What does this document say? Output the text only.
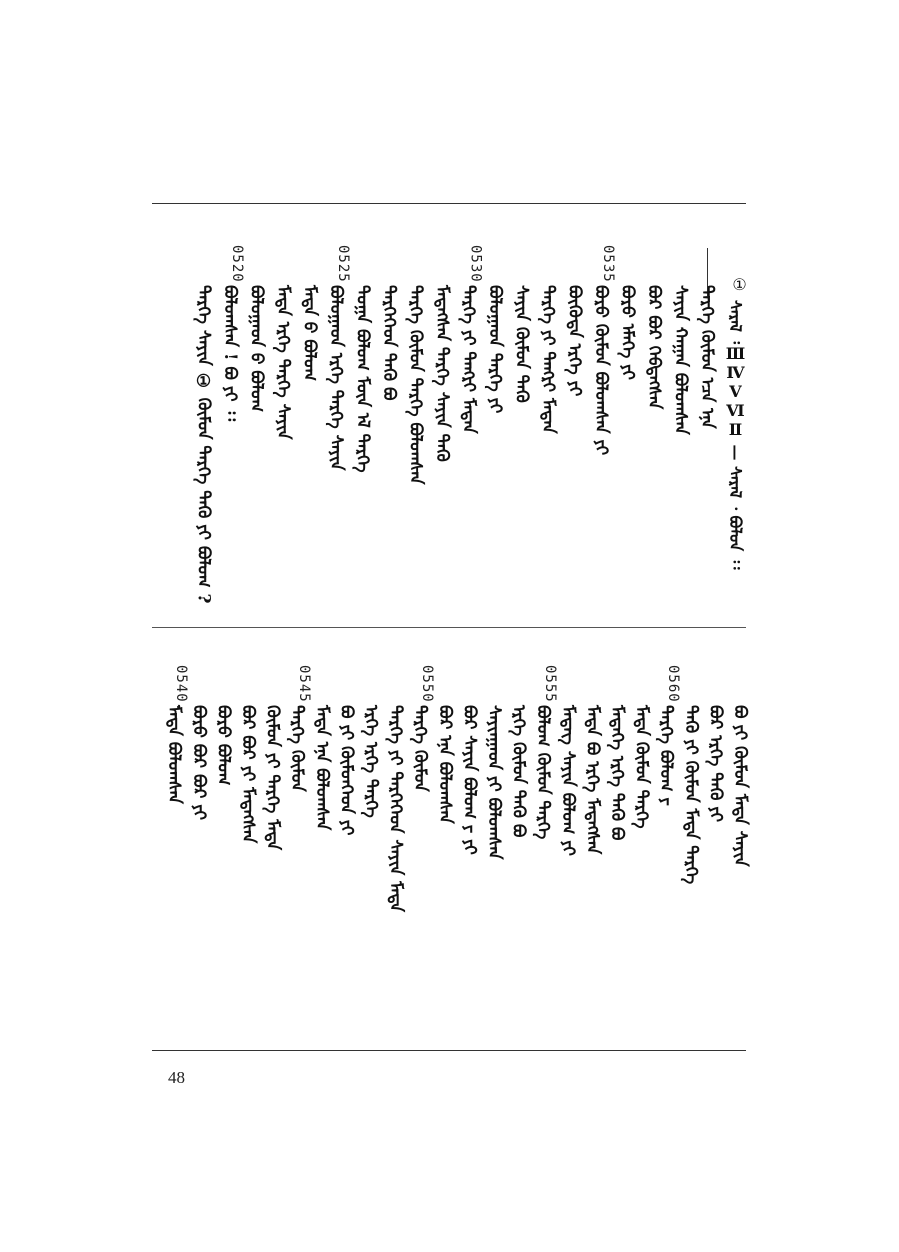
①
ᠰᠠᠷᠠᠯ ᠄ⅢⅣⅤⅥⅡ — ᠰᠠᠷᠠᠯ ᠂ ᠪᠣᠯᠤᠨ ᠄᠄
ᠲᠡᠷᠭᠡ ᠬᠦᠮᠦᠨ ᠡᠴᠡ ᠡᠨᠡ
ᠰᠠᠶᠢᠨ ᠬᠠᠭᠠᠨ ᠪᠣᠯᠤᠭᠰᠠᠨ
ᠪᠣᠷ ᠪᠣᠷ ᠬᠡᠪᠳᠡᠭᠰᠡᠨ
ᠪᠣᠷᠣ ᠡᠮᠡᠭᠡ ᠶᠢ
0535.
ᠪᠣᠷᠣ ᠬᠦᠮᠦᠨ ᠪᠣᠯᠤᠭᠰᠠᠨ ᠶᠢ
ᠪᠦᠭᠦᠳᠡ ᠡᠷᠬᠡ ᠶᠢ
ᠲᠡᠷᠭᠡ ᠶᠢ ᠲᠡᠩᠷᠢ ᠮᠡᠳᠡᠨ
ᠰᠠᠶᠢᠨ ᠬᠦᠮᠦᠨ ᠲᠡᠬᠦ
ᠪᠣᠯᠤᠭᠠᠳ ᠲᠡᠷᠭᠡ ᠶᠢ
0530.
ᠲᠡᠷᠭᠡ ᠶᠢ ᠲᠡᠩᠷᠢ ᠮᠡᠳᠡᠨ
ᠮᠡᠳᠡᠭᠰᠡᠨ ᠲᠡᠷᠭᠡ ᠰᠠᠶᠢᠨ ᠲᠡᠬᠦ
ᠲᠡᠷᠭᠡ ᠬᠦᠮᠦᠨ ᠲᠡᠷᠭᠡ ᠪᠣᠯᠤᠭᠰᠠᠨ
ᠲᠡᠷᠭᠡᠭᠡᠳ ᠲᠡᠬᠦ ᠪᠣ
ᠲᠣᠭᠠ ᠪᠣᠯᠤᠭ ᠮᠦᠨ ᠡᠯ ᠲᠡᠷᠭᠡ
0525.
ᠪᠣᠯᠤᠭᠠᠳ ᠡᠷᠬᠡ ᠲᠡᠷᠭᠡ ᠰᠠᠶᠢᠨ
ᠮᠡᠳᠡ ᠪ ᠪᠣᠯᠤᠭ
ᠮᠡᠳᠡ ᠡᠷᠬᠡ ᠲᠡᠷᠭᠡ ᠰᠠᠶᠢᠨ
ᠪᠣᠯᠤᠭᠠᠳ ᠪ ᠪᠣᠯᠤᠭ
0520.
ᠪᠣᠯᠤᠭᠰᠠᠨ ! ᠪᠣ ᠶᠢ ᠄᠄
ᠲᠡᠷᠭᠡ ᠰᠠᠶᠢᠨ ① ᠬᠦᠮᠦᠨ ᠲᠡᠷᠭᠡ ᠲᠡᠬᠦ ᠶᠢ ᠪᠣᠯᠤᠭ ?
ᠪᠣ ᠶᠢ ᠬᠦᠮᠦᠨ ᠮᠡᠳᠡ ᠰᠠᠶᠢᠨ
ᠪᠣᠷ ᠡᠷᠬᠡ ᠲᠡᠬᠦ ᠶᠢ
ᠲᠡᠬᠦ ᠶᠢ ᠬᠦᠮᠦᠨ ᠮᠡᠳᠡ ᠲᠡᠷᠭᠡ
0560.
ᠲᠡᠷᠭᠡ ᠪᠣᠯᠤᠭ ᠶ
ᠮᠡᠳᠡ ᠬᠦᠮᠦᠨ ᠲᠡᠷᠭᠡ
ᠮᠡᠳᠡᠭᠡ ᠡᠷᠬᠡ ᠲᠡᠬᠦ ᠪᠣ
ᠮᠡᠳᠡ ᠪᠣ ᠡᠷᠬᠡ ᠮᠡᠳᠡᠭᠰᠡᠨ
ᠮᠡᠳᠡᠭ ᠰᠠᠶᠢᠨ ᠪᠣᠯᠤᠭ ᠶᠢ
0555.
ᠪᠣᠯᠤᠭ ᠬᠦᠮᠦᠨ ᠲᠡᠷᠭᠡ
ᠡᠷᠬᠡ ᠬᠦᠮᠦᠨ ᠲᠡᠬᠦ ᠪᠣ
ᠰᠠᠶᠢᠨᠭᠠᠳ ᠶᠢ ᠪᠣᠯᠤᠭᠰᠠᠨ
ᠪᠣᠷ ᠰᠠᠶᠢᠨ ᠪᠣᠯᠤᠭ ᠶ ᠶᠢ
ᠪᠣᠷ ᠡᠨᠡ ᠪᠣᠯᠤᠭᠰᠠᠨ
0550.
ᠲᠡᠷᠭᠡ ᠬᠦᠮᠦᠨ
ᠲᠡᠷᠭᠡ ᠶᠢ ᠲᠡᠷᠭᠡᠭᠡᠳ ᠰᠠᠶᠢᠨ ᠮᠡᠳᠡ
ᠡᠷᠬᠡ ᠡᠷᠬᠡ ᠲᠡᠷᠭᠡ
ᠪᠣ ᠶᠢ ᠬᠦᠮᠦᠨᠭᠡᠳ ᠶᠢ
ᠮᠡᠳᠡ ᠡᠨᠡ ᠪᠣᠯᠤᠭᠰᠠᠨ
0545.
ᠲᠡᠷᠭᠡ ᠬᠦᠮᠦᠨ
ᠬᠦᠮᠦᠨ ᠶᠢ ᠲᠡᠷᠭᠡ ᠮᠡᠳᠡ
ᠪᠣᠷ ᠪᠣᠷ ᠶᠢ ᠮᠡᠳᠡᠭᠰᠡᠨ
ᠪᠣᠷᠣ ᠪᠣᠯᠤᠭ
ᠪᠣᠷᠣ ᠪᠣᠷ ᠪᠣᠷ ᠶᠢ
0540.
ᠮᠡᠳᠡ ᠪᠣᠯᠤᠭᠰᠠᠨ
48
